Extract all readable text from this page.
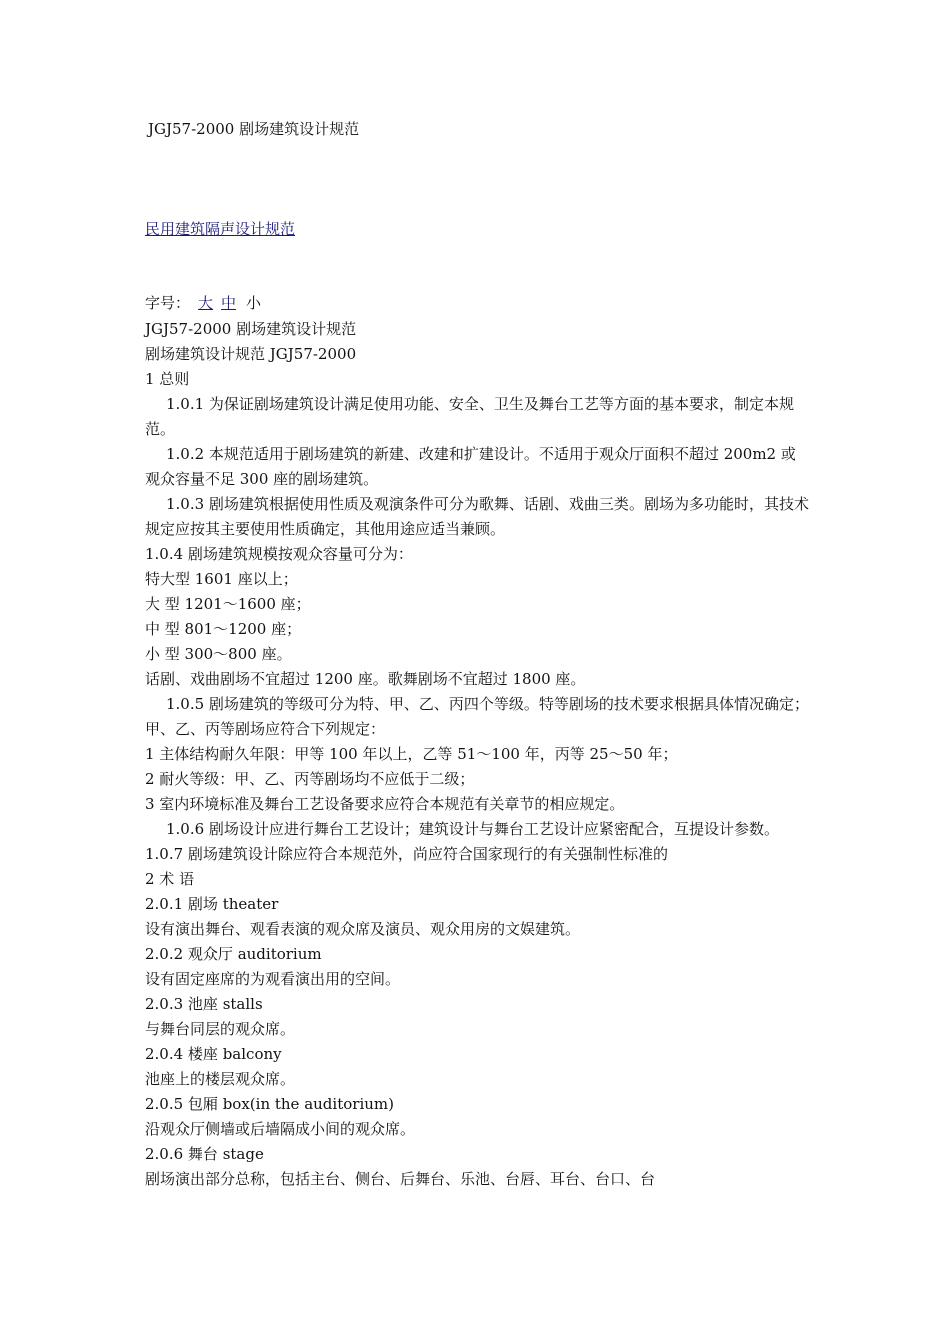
JGJ57-2000 剧场建筑设计规范
民用建筑隔声设计规范
字号： 大 中 小

JGJ57-2000 剧场建筑设计规范

剧场建筑设计规范 JGJ57-2000

1 总则

1.0.1 为保证剧场建筑设计满足使用功能、安全、卫生及舞台工艺等方面的基本要求，制定本规范。

1.0.2 本规范适用于剧场建筑的新建、改建和扩建设计。不适用于观众厅面积不超过 200m2 或观众容量不足 300 座的剧场建筑。

1.0.3 剧场建筑根据使用性质及观演条件可分为歌舞、话剧、戏曲三类。剧场为多功能时，其技术规定应按其主要使用性质确定，其他用途应适当兼顾。

1.0.4 剧场建筑规模按观众容量可分为：

特大型 1601 座以上；

大 型 1201～1600 座；

中 型 801～1200 座；

小 型 300～800 座。

话剧、戏曲剧场不宜超过 1200 座。歌舞剧场不宜超过 1800 座。

1.0.5 剧场建筑的等级可分为特、甲、乙、丙四个等级。特等剧场的技术要求根据具体情况确定；甲、乙、丙等剧场应符合下列规定：

1 主体结构耐久年限：甲等 100 年以上，乙等 51～100 年，丙等 25～50 年；

2 耐火等级：甲、乙、丙等剧场均不应低于二级；

3 室内环境标准及舞台工艺设备要求应符合本规范有关章节的相应规定。

1.0.6 剧场设计应进行舞台工艺设计；建筑设计与舞台工艺设计应紧密配合，互提设计参数。

1.0.7 剧场建筑设计除应符合本规范外，尚应符合国家现行的有关强制性标准的

2 术 语

2.0.1 剧场 theater

设有演出舞台、观看表演的观众席及演员、观众用房的文娱建筑。

2.0.2 观众厅 auditorium

设有固定座席的为观看演出用的空间。

2.0.3 池座 stalls

与舞台同层的观众席。

2.0.4 楼座 balcony

池座上的楼层观众席。

2.0.5 包厢 box(in the auditorium)

沿观众厅侧墙或后墙隔成小间的观众席。

2.0.6 舞台 stage

剧场演出部分总称，包括主台、侧台、后舞台、乐池、台唇、耳台、台口、台
